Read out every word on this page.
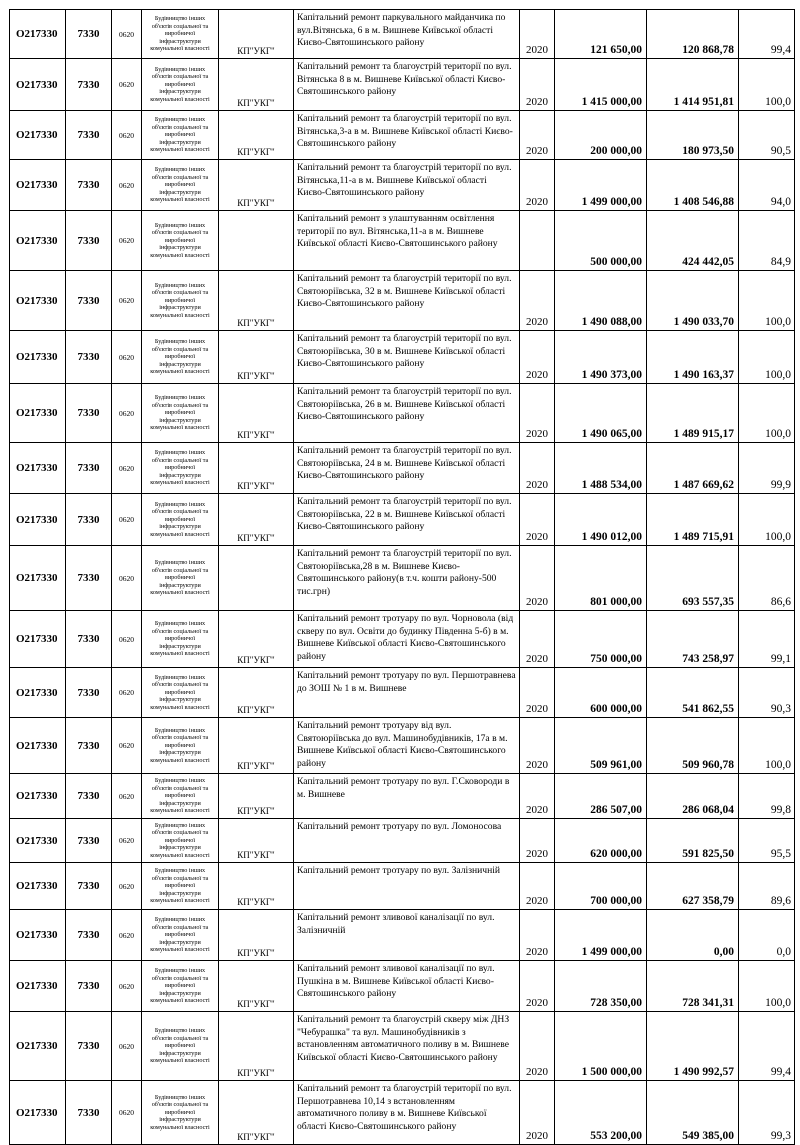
О217330	7330	0620	Будівництво інших об'єктів соціальної та виробничої інфраструктури комунальної власності	КП"УКГ"	Капітальний ремонт паркувального майданчика по вул.Вітянська, 6 в м. Вишневе Київської області Києво-Святошинського району	2020	121 650,00	120 868,78	99,4
О217330	7330	0620	Будівництво інших об'єктів соціальної та виробничої інфраструктури комунальної власності	КП"УКГ"	Капітальний ремонт та благоустрій території по вул. Вітянська 8 в м. Вишневе Київської області Києво-Святошинського району	2020	1 415 000,00	1 414 951,81	100,0
О217330	7330	0620	Будівництво інших об'єктів соціальної та виробничої інфраструктури комунальної власності	КП"УКГ"	Капітальний ремонт та благоустрій території по вул. Вітянська,3-а в м. Вишневе Київської області Києво-Святошинського району	2020	200 000,00	180 973,50	90,5
О217330	7330	0620	Будівництво інших об'єктів соціальної та виробничої інфраструктури комунальної власності	КП"УКГ"	Капітальний ремонт та благоустрій території по вул. Вітянська,11-а в м. Вишневе Київської області Києво-Святошинського району	2020	1 499 000,00	1 408 546,88	94,0
О217330	7330	0620	Будівництво інших об'єктів соціальної та виробничої інфраструктури комунальної власності		Капітальний ремонт з улаштуванням освітлення території по вул. Вітянська,11-а в м. Вишневе Київської області Києво-Святошинського району		500 000,00	424 442,05	84,9
О217330	7330	0620	Будівництво інших об'єктів соціальної та виробничої інфраструктури комунальної власності	КП"УКГ"	Капітальний ремонт та благоустрій території по вул. Святоюріївська, 32 в м. Вишневе Київської області Києво-Святошинського району	2020	1 490 088,00	1 490 033,70	100,0
О217330	7330	0620	Будівництво інших об'єктів соціальної та виробничої інфраструктури комунальної власності	КП"УКГ"	Капітальний ремонт та благоустрій території по вул. Святоюріївська, 30 в м. Вишневе Київської області Києво-Святошинського району	2020	1 490 373,00	1 490 163,37	100,0
О217330	7330	0620	Будівництво інших об'єктів соціальної та виробничої інфраструктури комунальної власності	КП"УКГ"	Капітальний ремонт та благоустрій території по вул. Святоюріївська, 26 в м. Вишневе Київської області Києво-Святошинського району	2020	1 490 065,00	1 489 915,17	100,0
О217330	7330	0620	Будівництво інших об'єктів соціальної та виробничої інфраструктури комунальної власності	КП"УКГ"	Капітальний ремонт та благоустрій території по вул. Святоюріївська, 24 в м. Вишневе Київської області Києво-Святошинського району	2020	1 488 534,00	1 487 669,62	99,9
О217330	7330	0620	Будівництво інших об'єктів соціальної та виробничої інфраструктури комунальної власності	КП"УКГ"	Капітальний ремонт та благоустрій території по вул. Святоюріївська, 22 в м. Вишневе Київської області Києво-Святошинського району	2020	1 490 012,00	1 489 715,91	100,0
О217330	7330	0620	Будівництво інших об'єктів соціальної та виробничої інфраструктури комунальної власності		Капітальний ремонт та благоустрій території по вул. Святоюріївська,28 в м. Вишневе Києво-Святошинського району(в т.ч. кошти району-500 тис.грн)	2020	801 000,00	693 557,35	86,6
О217330	7330	0620	Будівництво інших об'єктів соціальної та виробничої інфраструктури комунальної власності	КП"УКГ"	Капітальний ремонт тротуару по вул. Чорновола (від скверу по вул. Освіти до будинку Південна 5-б) в м. Вишневе Київської області Києво-Святошинського району	2020	750 000,00	743 258,97	99,1
О217330	7330	0620	Будівництво інших об'єктів соціальної та виробничої інфраструктури комунальної власності	КП"УКГ"	Капітальний ремонт тротуару по вул. Першотравнева до ЗОШ № 1 в м. Вишневе	2020	600 000,00	541 862,55	90,3
О217330	7330	0620	Будівництво інших об'єктів соціальної та виробничої інфраструктури комунальної власності	КП"УКГ"	Капітальний ремонт тротуару від вул. Святоюріївська до вул. Машинобудівників, 17а в м. Вишневе Київської області Києво-Святошинського району	2020	509 961,00	509 960,78	100,0
О217330	7330	0620	Будівництво інших об'єктів соціальної та виробничої інфраструктури комунальної власності	КП"УКГ"	Капітальний ремонт тротуару по вул. Г.Сковороди в м. Вишневе	2020	286 507,00	286 068,04	99,8
О217330	7330	0620	Будівництво інших об'єктів соціальної та виробничої інфраструктури комунальної власності	КП"УКГ"	Капітальний ремонт тротуару по вул. Ломоносова	2020	620 000,00	591 825,50	95,5
О217330	7330	0620	Будівництво інших об'єктів соціальної та виробничої інфраструктури комунальної власності	КП"УКГ"	Капітальний ремонт тротуару по вул. Залізничній	2020	700 000,00	627 358,79	89,6
О217330	7330	0620	Будівництво інших об'єктів соціальної та виробничої інфраструктури комунальної власності	КП"УКГ"	Капітальний ремонт зливової каналізації по вул. Залізничній	2020	1 499 000,00	0,00	0,0
О217330	7330	0620	Будівництво інших об'єктів соціальної та виробничої інфраструктури комунальної власності	КП"УКГ"	Капітальний ремонт зливової каналізації по вул. Пушкіна в м. Вишневе Київської області Києво-Святошинського району	2020	728 350,00	728 341,31	100,0
О217330	7330	0620	Будівництво інших об'єктів соціальної та виробничої інфраструктури комунальної власності	КП"УКГ"	Капітальний ремонт та благоустрій скверу між ДНЗ "Чебурашка" та вул. Машинобудівників з встановленням автоматичного поливу в м. Вишневе Київської області Києво-Святошинського району	2020	1 500 000,00	1 490 992,57	99,4
О217330	7330	0620	Будівництво інших об'єктів соціальної та виробничої інфраструктури комунальної власності	КП"УКГ"	Капітальний ремонт та благоустрій території по вул. Першотравнева 10,14 з встановленням автоматичного поливу в м. Вишневе Київської області Києво-Святошинського району	2020	553 200,00	549 385,00	99,3
